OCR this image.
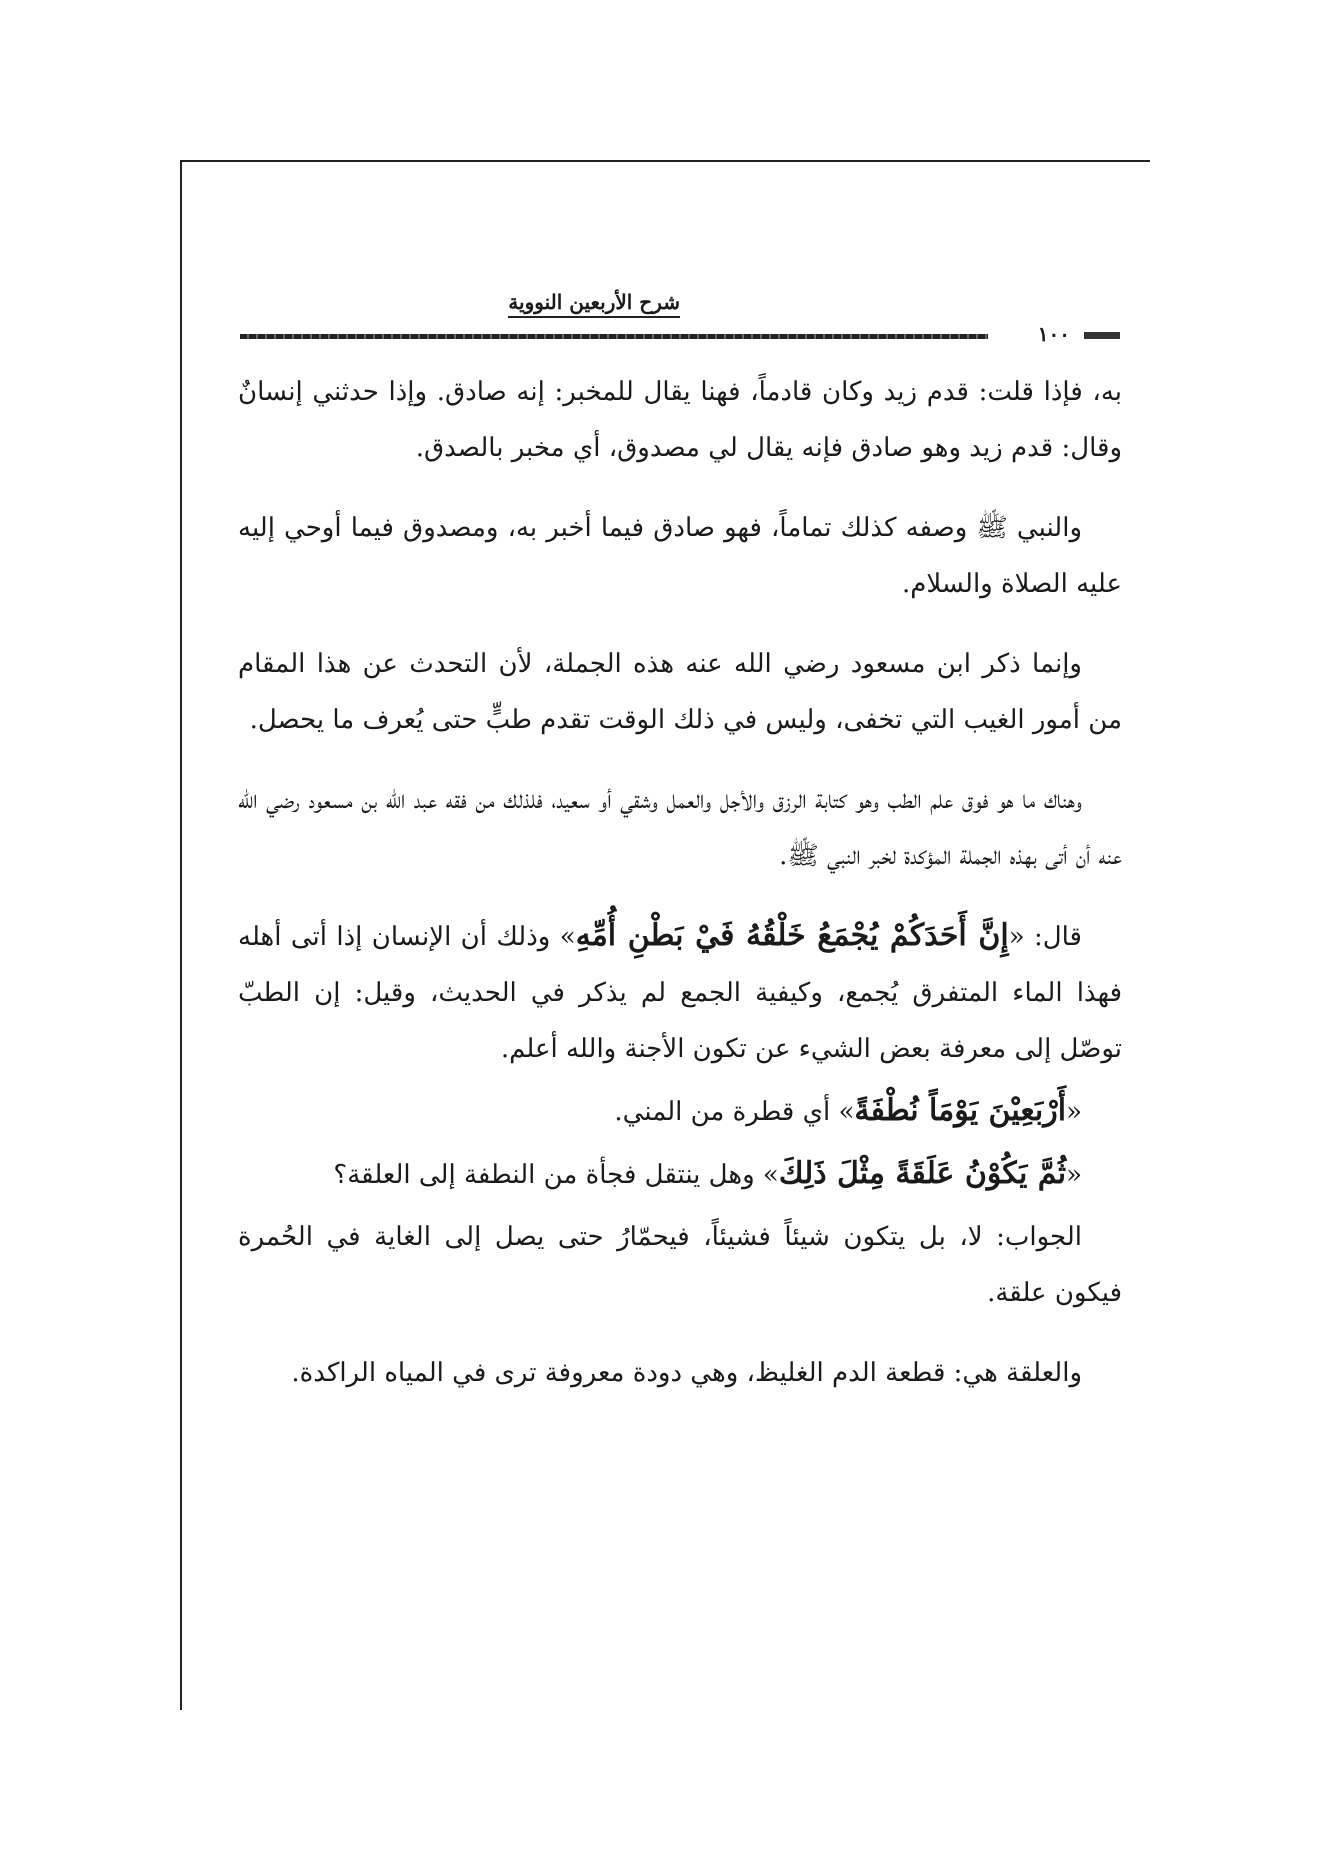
شرح الأربعين النووية
١٠٠

به، فإذا قلت: قدم زيد وكان قادماً، فهنا يقال للمخبر: إنه صادق. وإذا حدثني إنسانٌ وقال: قدم زيد وهو صادق فإنه يقال لي مصدوق، أي مخبر بالصدق.

والنبي ﷺ وصفه كذلك تماماً، فهو صادق فيما أخبر به، ومصدوق فيما أوحي إليه عليه الصلاة والسلام.

وإنما ذكر ابن مسعود رضي الله عنه هذه الجملة، لأن التحدث عن هذا المقام من أمور الغيب التي تخفى، وليس في ذلك الوقت تقدم طبٍّ حتى يُعرف ما يحصل.

وهناك ما هو فوق علم الطب وهو كتابة الرزق والأجل والعمل وشقي أو سعيد، فلذلك من فقه عبد الله بن مسعود رضي الله عنه أن أتى بهذه الجملة المؤكدة لخبر النبي ﷺ.

قال: «إِنَّ أَحَدَكُمْ يُجْمَعُ خَلْقُهُ فَيْ بَطْنِ أُمِّهِ» وذلك أن الإنسان إذا أتى أهله فهذا الماء المتفرق يُجمع، وكيفية الجمع لم يذكر في الحديث، وقيل: إن الطبّ توصّل إلى معرفة بعض الشيء عن تكون الأجنة والله أعلم.

«أَرْبَعِيْنَ يَوْمَاً نُطْفَةً» أي قطرة من المني.

«ثُمَّ يَكُوْنُ عَلَقَةً مِثْلَ ذَلِكَ» وهل ينتقل فجأة من النطفة إلى العلقة؟

الجواب: لا، بل يتكون شيئاً فشيئاً، فيحمّارُ حتى يصل إلى الغاية في الحُمرة فيكون علقة.

والعلقة هي: قطعة الدم الغليظ، وهي دودة معروفة ترى في المياه الراكدة.
